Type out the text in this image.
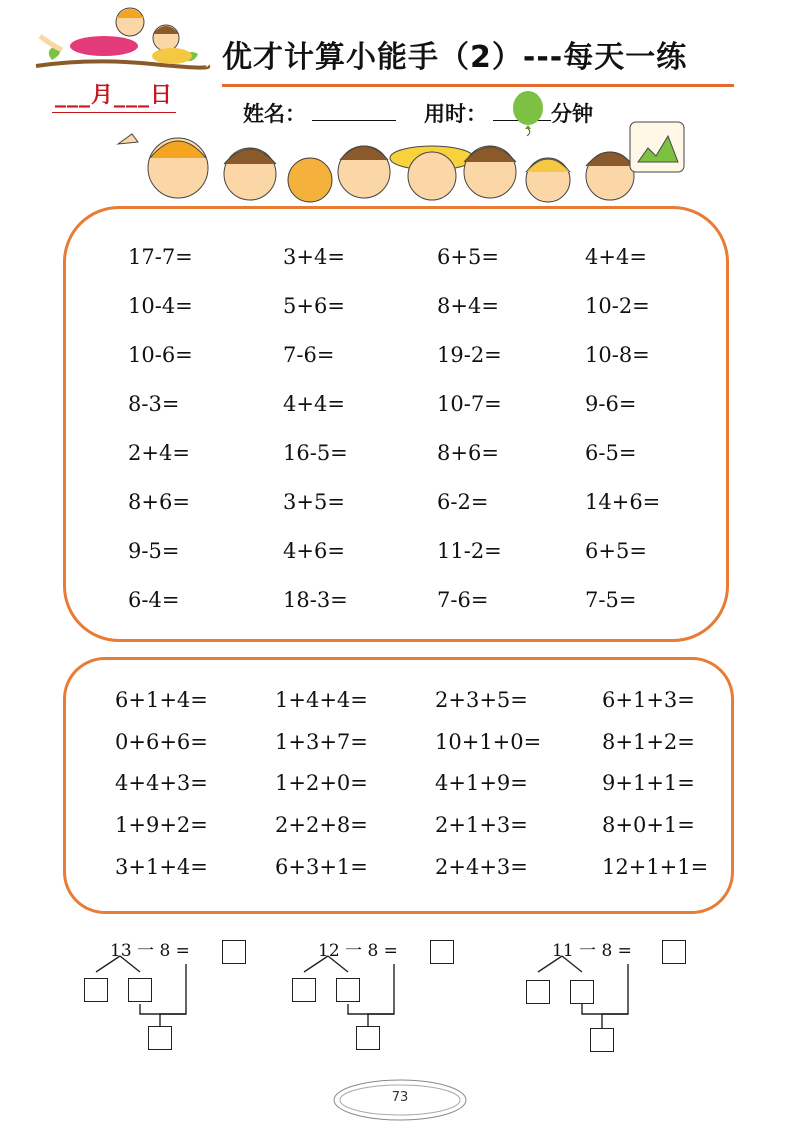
___月___日
优才计算小能手（2）---每天一练
姓名：	用时：	分钟
17-7=	3+4=	6+5=	4+4=
10-4=	5+6=	8+4=	10-2=
10-6=	7-6=	19-2=	10-8=
8-3=	4+4=	10-7=	9-6=
2+4=	16-5=	8+6=	6-5=
8+6=	3+5=	6-2=	14+6=
9-5=	4+6=	11-2=	6+5=
6-4=	18-3=	7-6=	7-5=
6+1+4=	1+4+4=	2+3+5=	6+1+3=
0+6+6=	1+3+7=	10+1+0=	8+1+2=
4+4+3=	1+2+0=	4+1+9=	9+1+1=
1+9+2=	2+2+8=	2+1+3=	8+0+1=
3+1+4=	6+3+1=	2+4+3=	12+1+1=
13 一 8 =	12 一 8 =	11 一 8 =
73
